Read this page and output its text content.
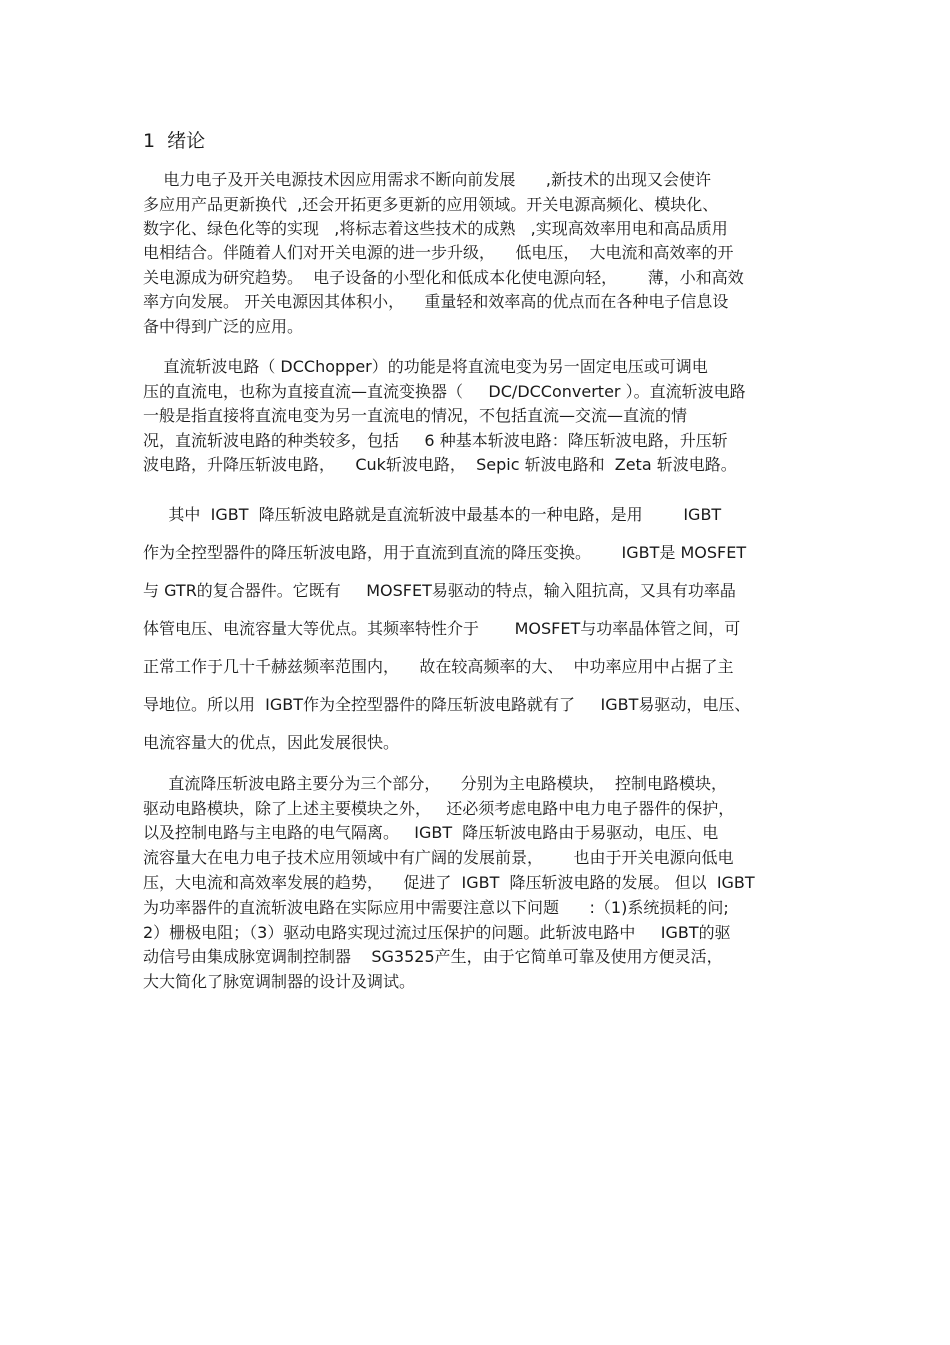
1  绪论
电力电子及开关电源技术因应用需求不断向前发展      ,新技术的出现又会使许
多应用产品更新换代  ,还会开拓更多更新的应用领域。开关电源高频化、模块化、
数字化、绿色化等的实现   ,将标志着这些技术的成熟   ,实现高效率用电和高品质用
电相结合。伴随着人们对开关电源的进一步升级，    低电压，  大电流和高效率的开
关电源成为研究趋势。  电子设备的小型化和低成本化使电源向轻，      薄，小和高效
率方向发展。 开关电源因其体积小，    重量轻和效率高的优点而在各种电子信息设
备中得到广泛的应用。
直流斩波电路（ DCChopper）的功能是将直流电变为另一固定电压或可调电
压的直流电，也称为直接直流—直流变换器（     DC/DCConverter ）。直流斩波电路
一般是指直接将直流电变为另一直流电的情况，不包括直流—交流—直流的情
况，直流斩波电路的种类较多，包括     6 种基本斩波电路：降压斩波电路，升压斩
波电路，升降压斩波电路，    Cuk斩波电路，  Sepic 斩波电路和  Zeta 斩波电路。
其中  IGBT  降压斩波电路就是直流斩波中最基本的一种电路，是用        IGBT
作为全控型器件的降压斩波电路，用于直流到直流的降压变换。      IGBT是 MOSFET
与 GTR的复合器件。它既有     MOSFET易驱动的特点，输入阻抗高，又具有功率晶
体管电压、电流容量大等优点。其频率特性介于       MOSFET与功率晶体管之间，可
正常工作于几十千赫兹频率范围内，    故在较高频率的大、  中功率应用中占据了主
导地位。所以用  IGBT作为全控型器件的降压斩波电路就有了     IGBT易驱动，电压、
电流容量大的优点，因此发展很快。
直流降压斩波电路主要分为三个部分，    分别为主电路模块，  控制电路模块，
驱动电路模块，除了上述主要模块之外，   还必须考虑电路中电力电子器件的保护，
以及控制电路与主电路的电气隔离。   IGBT  降压斩波电路由于易驱动，电压、电
流容量大在电力电子技术应用领域中有广阔的发展前景，      也由于开关电源向低电
压，大电流和高效率发展的趋势，    促进了  IGBT  降压斩波电路的发展。 但以  IGBT
为功率器件的直流斩波电路在实际应用中需要注意以下问题      :（1)系统损耗的问;
2）栅极电阻；（3）驱动电路实现过流过压保护的问题。此斩波电路中     IGBT的驱
动信号由集成脉宽调制控制器    SG3525产生，由于它简单可靠及使用方便灵活，
大大简化了脉宽调制器的设计及调试。
